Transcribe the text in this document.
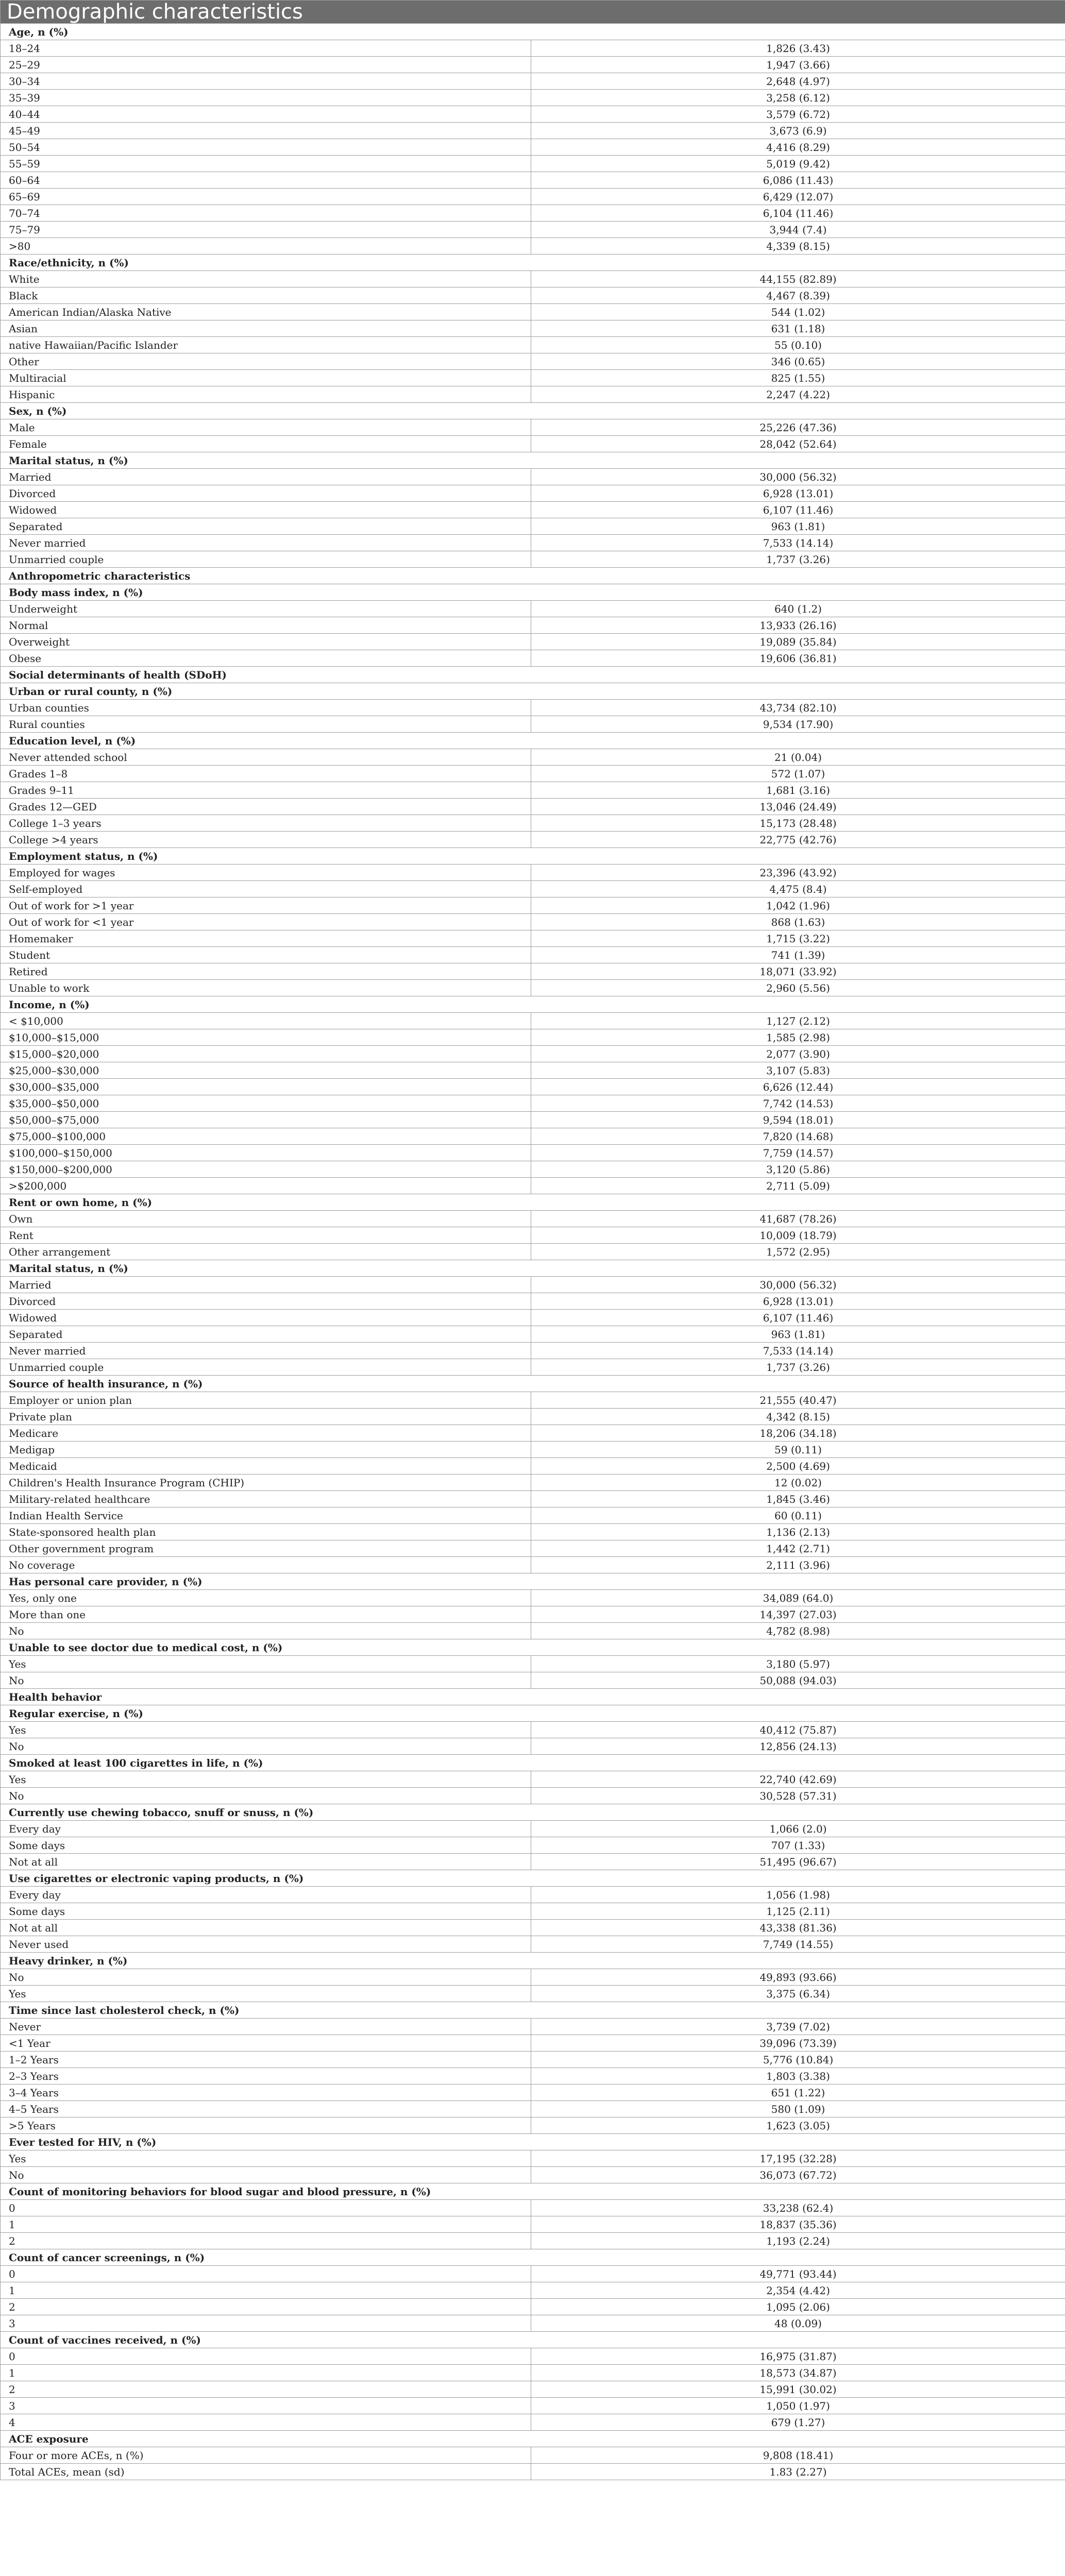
Demographic characteristics	
Age, n (%)	
18–24	1,826 (3.43)
25–29	1,947 (3.66)
30–34	2,648 (4.97)
35–39	3,258 (6.12)
40–44	3,579 (6.72)
45–49	3,673 (6.9)
50–54	4,416 (8.29)
55–59	5,019 (9.42)
60–64	6,086 (11.43)
65–69	6,429 (12.07)
70–74	6,104 (11.46)
75–79	3,944 (7.4)
>80	4,339 (8.15)
Race/ethnicity, n (%)	
White	44,155 (82.89)
Black	4,467 (8.39)
American Indian/Alaska Native	544 (1.02)
Asian	631 (1.18)
native Hawaiian/Pacific Islander	55 (0.10)
Other	346 (0.65)
Multiracial	825 (1.55)
Hispanic	2,247 (4.22)
Sex, n (%)	
Male	25,226 (47.36)
Female	28,042 (52.64)
Marital status, n (%)	
Married	30,000 (56.32)
Divorced	6,928 (13.01)
Widowed	6,107 (11.46)
Separated	963 (1.81)
Never married	7,533 (14.14)
Unmarried couple	1,737 (3.26)
Anthropometric characteristics	
Body mass index, n (%)	
Underweight	640 (1.2)
Normal	13,933 (26.16)
Overweight	19,089 (35.84)
Obese	19,606 (36.81)
Social determinants of health (SDoH)	
Urban or rural county, n (%)	
Urban counties	43,734 (82.10)
Rural counties	9,534 (17.90)
Education level, n (%)	
Never attended school	21 (0.04)
Grades 1–8	572 (1.07)
Grades 9–11	1,681 (3.16)
Grades 12—GED	13,046 (24.49)
College 1–3 years	15,173 (28.48)
College >4 years	22,775 (42.76)
Employment status, n (%)	
Employed for wages	23,396 (43.92)
Self-employed	4,475 (8.4)
Out of work for >1 year	1,042 (1.96)
Out of work for <1 year	868 (1.63)
Homemaker	1,715 (3.22)
Student	741 (1.39)
Retired	18,071 (33.92)
Unable to work	2,960 (5.56)
Income, n (%)	
< $10,000	1,127 (2.12)
$10,000–$15,000	1,585 (2.98)
$15,000–$20,000	2,077 (3.90)
$25,000–$30,000	3,107 (5.83)
$30,000–$35,000	6,626 (12.44)
$35,000–$50,000	7,742 (14.53)
$50,000–$75,000	9,594 (18.01)
$75,000–$100,000	7,820 (14.68)
$100,000–$150,000	7,759 (14.57)
$150,000–$200,000	3,120 (5.86)
>$200,000	2,711 (5.09)
Rent or own home, n (%)	
Own	41,687 (78.26)
Rent	10,009 (18.79)
Other arrangement	1,572 (2.95)
Marital status, n (%)	
Married	30,000 (56.32)
Divorced	6,928 (13.01)
Widowed	6,107 (11.46)
Separated	963 (1.81)
Never married	7,533 (14.14)
Unmarried couple	1,737 (3.26)
Source of health insurance, n (%)	
Employer or union plan	21,555 (40.47)
Private plan	4,342 (8.15)
Medicare	18,206 (34.18)
Medigap	59 (0.11)
Medicaid	2,500 (4.69)
Children's Health Insurance Program (CHIP)	12 (0.02)
Military-related healthcare	1,845 (3.46)
Indian Health Service	60 (0.11)
State-sponsored health plan	1,136 (2.13)
Other government program	1,442 (2.71)
No coverage	2,111 (3.96)
Has personal care provider, n (%)	
Yes, only one	34,089 (64.0)
More than one	14,397 (27.03)
No	4,782 (8.98)
Unable to see doctor due to medical cost, n (%)	
Yes	3,180 (5.97)
No	50,088 (94.03)
Health behavior	
Regular exercise, n (%)	
Yes	40,412 (75.87)
No	12,856 (24.13)
Smoked at least 100 cigarettes in life, n (%)	
Yes	22,740 (42.69)
No	30,528 (57.31)
Currently use chewing tobacco, snuff or snuss, n (%)	
Every day	1,066 (2.0)
Some days	707 (1.33)
Not at all	51,495 (96.67)
Use cigarettes or electronic vaping products, n (%)	
Every day	1,056 (1.98)
Some days	1,125 (2.11)
Not at all	43,338 (81.36)
Never used	7,749 (14.55)
Heavy drinker, n (%)	
No	49,893 (93.66)
Yes	3,375 (6.34)
Time since last cholesterol check, n (%)	
Never	3,739 (7.02)
<1 Year	39,096 (73.39)
1–2 Years	5,776 (10.84)
2–3 Years	1,803 (3.38)
3–4 Years	651 (1.22)
4–5 Years	580 (1.09)
>5 Years	1,623 (3.05)
Ever tested for HIV, n (%)	
Yes	17,195 (32.28)
No	36,073 (67.72)
Count of monitoring behaviors for blood sugar and blood pressure, n (%)	
0	33,238 (62.4)
1	18,837 (35.36)
2	1,193 (2.24)
Count of cancer screenings, n (%)	
0	49,771 (93.44)
1	2,354 (4.42)
2	1,095 (2.06)
3	48 (0.09)
Count of vaccines received, n (%)	
0	16,975 (31.87)
1	18,573 (34.87)
2	15,991 (30.02)
3	1,050 (1.97)
4	679 (1.27)
ACE exposure	
Four or more ACEs, n (%)	9,808 (18.41)
Total ACEs, mean (sd)	1.83 (2.27)
